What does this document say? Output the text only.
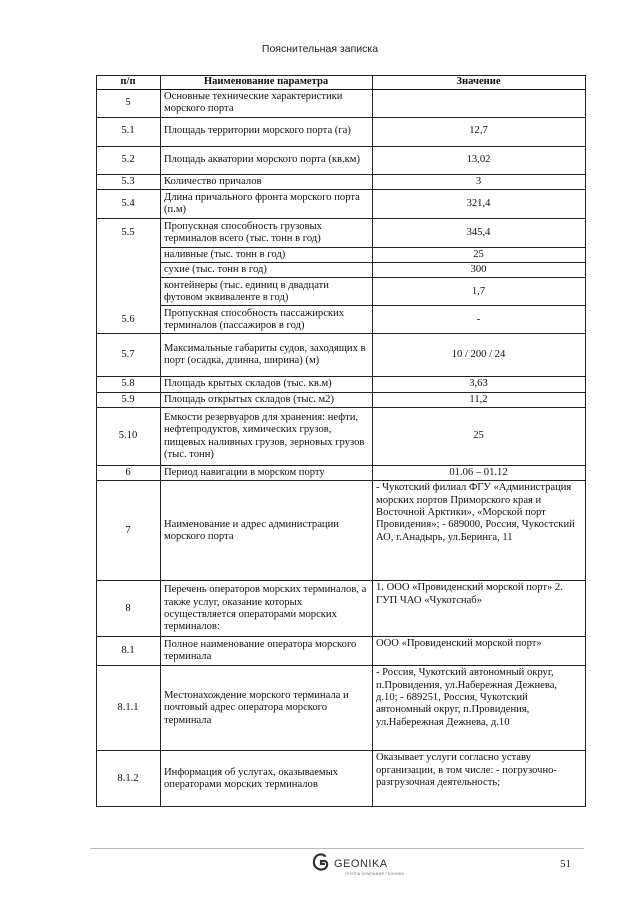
Пояснительная записка
п/п	Наименование параметра	Значение
5	Основные технические характеристики морского порта	
5.1	Площадь территории морского порта (га)	12,7
5.2	Площадь акватории морского порта (кв.км)	13,02
5.3	Количество причалов	3
5.4	Длина причального фронта морского порта (п.м)	321,4
5.5	Пропускная способность грузовых терминалов всего (тыс. тонн в год)	345,4
	наливные (тыс. тонн в год)	25
	сухие (тыс. тонн в год)	300
	контейнеры (тыс. единиц в двадцати футовом эквиваленте в год)	1,7
5.6	Пропускная способность пассажирских терминалов (пассажиров в год)	-
5.7	Максимальные габариты судов, заходящих в порт (осадка, длинна, ширина) (м)	10 / 200 / 24
5.8	Площадь крытых складов (тыс. кв.м)	3,63
5.9	Площадь открытых складов (тыс. м2)	11,2
5.10	Емкости резервуаров для хранения: нефти, нефтепродуктов, химических грузов, пищевых наливных грузов, зерновых грузов (тыс. тонн)	25
6	Период навигации в морском порту	01.06 – 01.12
7	Наименование и адрес администрации морского порта	- Чукотский филиал ФГУ «Администрация морских портов Приморского края и Восточной Арктики», «Морской порт Провидения»; - 689000, Россия, Чукостский АО, г.Анадырь, ул.Беринга, 11
8	Перечень операторов морских терминалов, а также услуг, оказание которых осуществляется операторами морских терминалов:	1. ООО «Провиденский морской порт» 2. ГУП ЧАО «Чукотснаб»
8.1	Полное наименование оператора морского терминала	ООО «Провиденский морской порт»
8.1.1	Местонахождение морского терминала и почтовый адрес оператора морского терминала	- Россия, Чукотский автономный округ, п.Провидения, ул.Набережная Дежнева, д.10; - 689251, Россия, Чукотский автономный округ, п.Провидения, ул.Набережная Дежнева, д.10
8.1.2	Информация об услугах, оказываемых операторами морских терминалов	Оказывает услуги согласно уставу организации, в том числе: - погрузочно-разгрузочная деятельность;
GEONIKA
ГРУППА КОМПАНИЙ ГЕОНИКА
51
